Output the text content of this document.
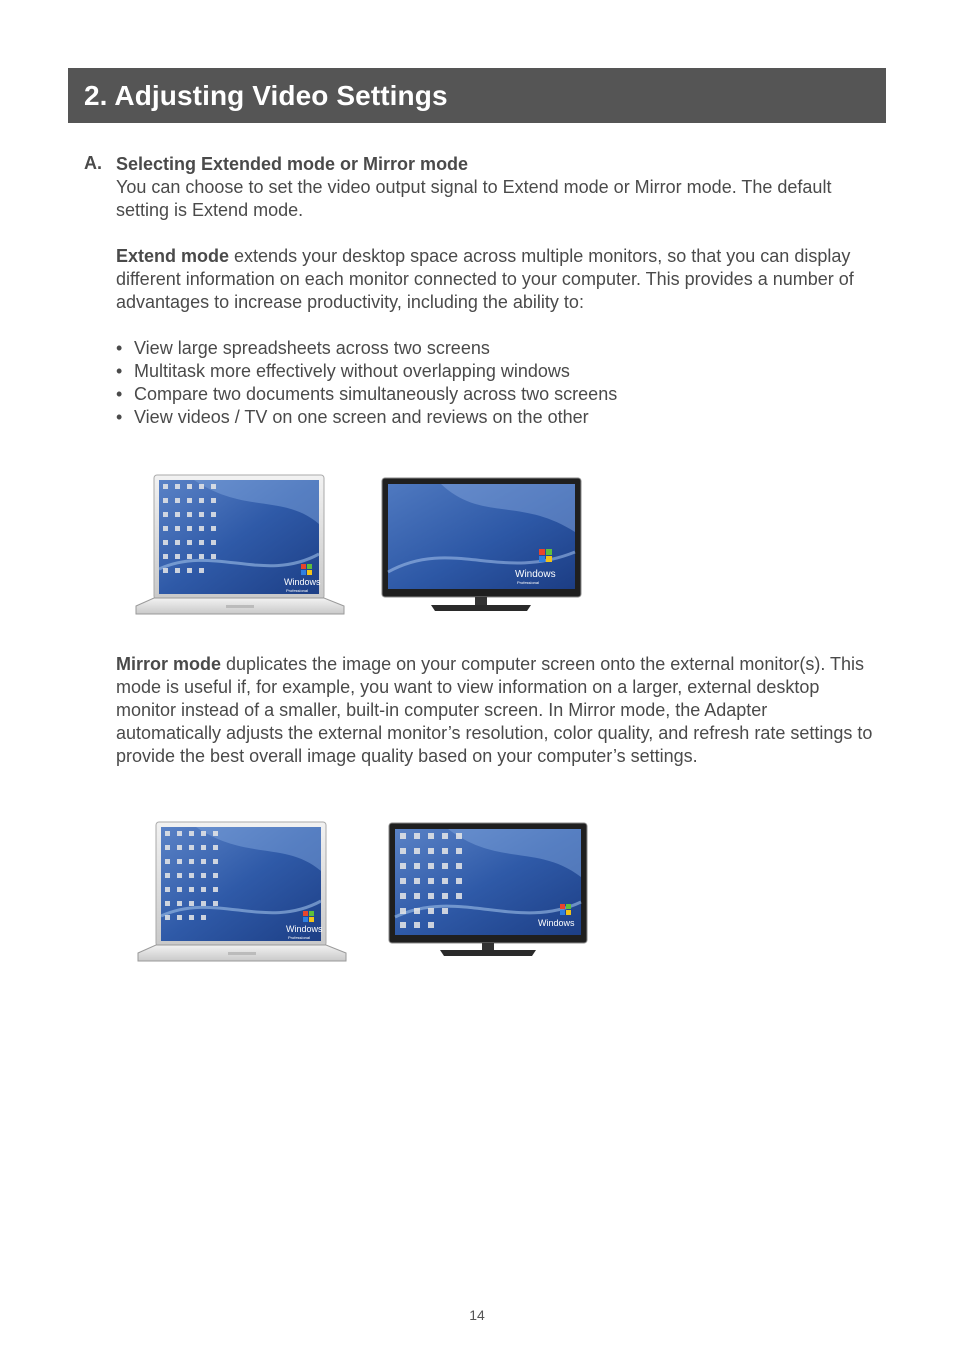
2. Adjusting Video Settings
A. Selecting Extended mode or Mirror mode

You can choose to set the video output signal to Extend mode or Mirror mode. The default setting is Extend mode.

Extend mode extends your desktop space across multiple monitors, so that you can display different information on each monitor connected to your computer. This provides a number of advantages to increase productivity, including the ability to:

• View large spreadsheets across two screens
• Multitask more effectively without overlapping windows
• Compare two documents simultaneously across two screens
• View videos / TV on one screen and reviews on the other
Windows
Professional
Windows
Professional

Mirror mode duplicates the image on your computer screen onto the external monitor(s). This mode is useful if, for example, you want to view information on a larger, external desktop monitor instead of a smaller, built-in computer screen. In Mirror mode, the Adapter automatically adjusts the external monitor’s resolution, color quality, and refresh rate settings to provide the best overall image quality based on your computer’s settings.

Windows
Professional
Windows
14
